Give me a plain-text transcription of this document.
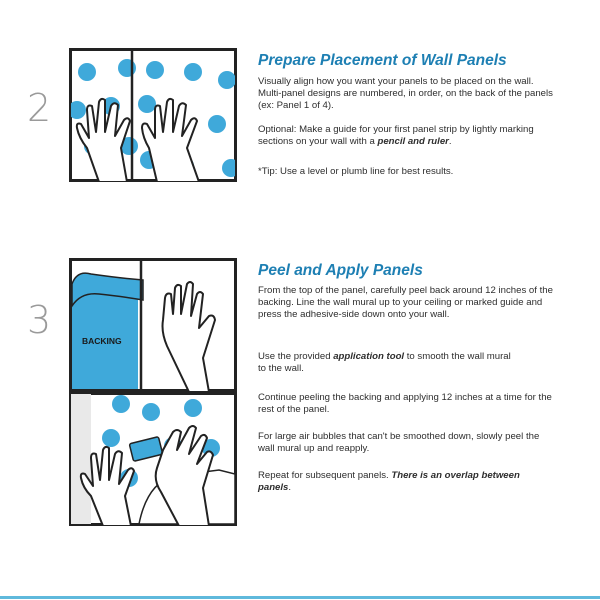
2
Prepare Placement of Wall Panels

Visually align how you want your panels to be placed on the wall. Multi-panel designs are numbered, in order, on the back of the panels (ex: Panel 1 of 4).

Optional: Make a guide for your first panel strip by lightly marking sections on your wall with a pencil and ruler.

*Tip: Use a level or plumb line for best results.

3	BACKING
Peel and Apply Panels

From the top of the panel, carefully peel back around 12 inches of the backing. Line the wall mural up to your ceiling or marked guide and press the adhesive-side down onto your wall.

Use the provided application tool to smooth the wall mural to the wall.

Continue peeling the backing and applying 12 inches at a time for the rest of the panel.

For large air bubbles that can't be smoothed down, slowly peel the wall mural up and reapply.

Repeat for subsequent panels. There is an overlap between panels.
